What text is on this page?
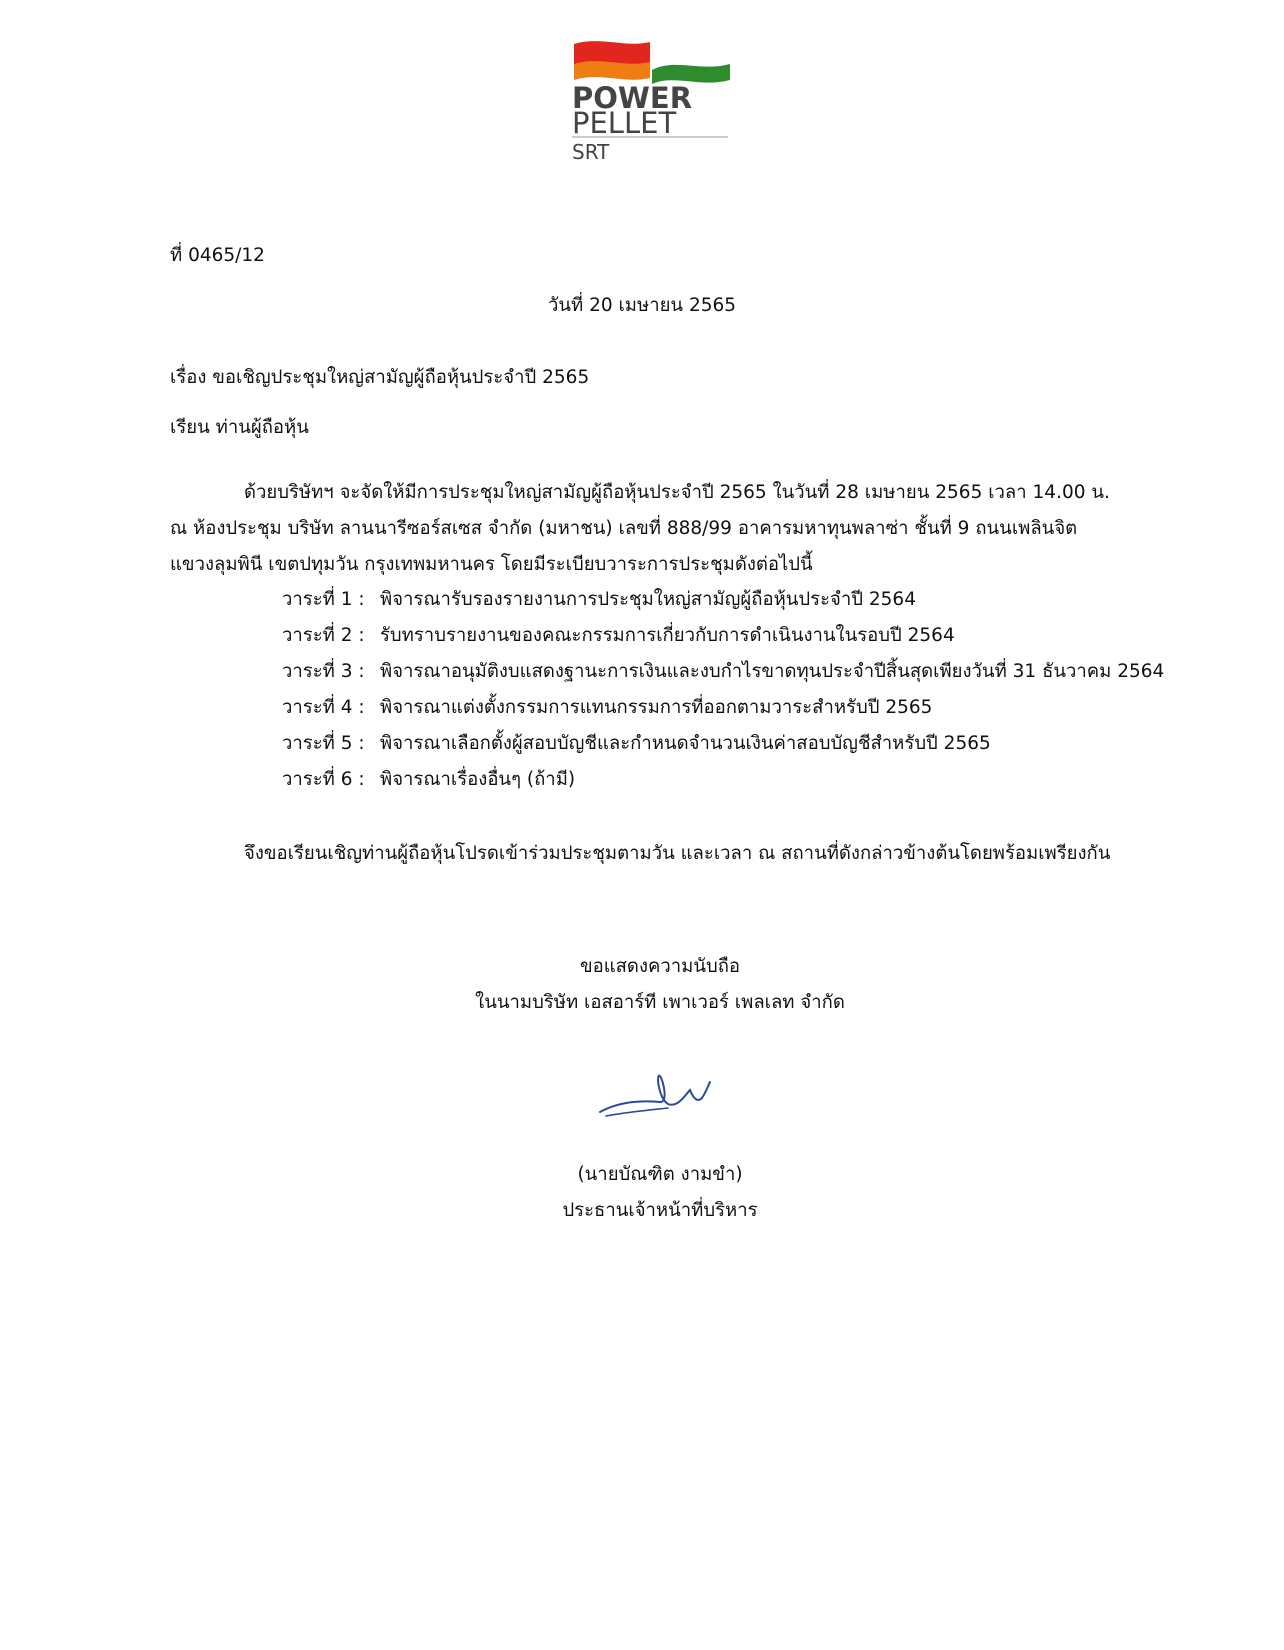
POWER
PELLET
SRT
ที่ 0465/12
วันที่ 20 เมษายน 2565
เรื่อง ขอเชิญประชุมใหญ่สามัญผู้ถือหุ้นประจำปี 2565
เรียน ท่านผู้ถือหุ้น
ด้วยบริษัทฯ จะจัดให้มีการประชุมใหญ่สามัญผู้ถือหุ้นประจำปี 2565 ในวันที่ 28 เมษายน 2565 เวลา 14.00 น.
ณ ห้องประชุม บริษัท ลานนารีซอร์สเซส จำกัด (มหาชน) เลขที่ 888/99 อาคารมหาทุนพลาซ่า ชั้นที่ 9 ถนนเพลินจิต
แขวงลุมพินี เขตปทุมวัน กรุงเทพมหานคร โดยมีระเบียบวาระการประชุมดังต่อไปนี้
วาระที่ 1 : พิจารณารับรองรายงานการประชุมใหญ่สามัญผู้ถือหุ้นประจำปี 2564
วาระที่ 2 : รับทราบรายงานของคณะกรรมการเกี่ยวกับการดำเนินงานในรอบปี 2564
วาระที่ 3 : พิจารณาอนุมัติงบแสดงฐานะการเงินและงบกำไรขาดทุนประจำปีสิ้นสุดเพียงวันที่ 31 ธันวาคม 2564
วาระที่ 4 : พิจารณาแต่งตั้งกรรมการแทนกรรมการที่ออกตามวาระสำหรับปี 2565
วาระที่ 5 : พิจารณาเลือกตั้งผู้สอบบัญชีและกำหนดจำนวนเงินค่าสอบบัญชีสำหรับปี 2565
วาระที่ 6 : พิจารณาเรื่องอื่นๆ (ถ้ามี)
จึงขอเรียนเชิญท่านผู้ถือหุ้นโปรดเข้าร่วมประชุมตามวัน และเวลา ณ สถานที่ดังกล่าวข้างต้นโดยพร้อมเพรียงกัน
ขอแสดงความนับถือ
ในนามบริษัท เอสอาร์ที เพาเวอร์ เพลเลท จำกัด
(นายบัณฑิต งามขำ)
ประธานเจ้าหน้าที่บริหาร
